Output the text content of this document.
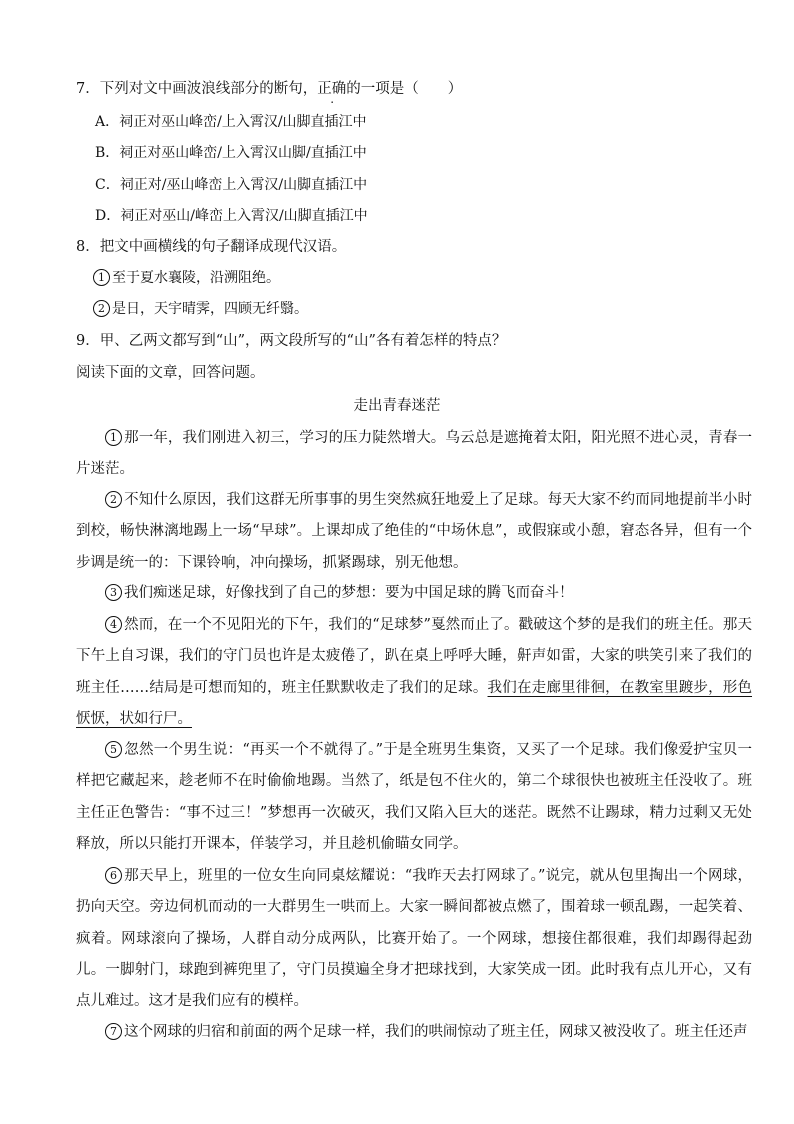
7．下列对文中画波浪线部分的断句，正确的一项是（　　）
A．祠正对巫山峰峦/上入霄汉/山脚直插江中
B．祠正对巫山峰峦/上入霄汉山脚/直插江中
C．祠正对/巫山峰峦上入霄汉/山脚直插江中
D．祠正对巫山/峰峦上入霄汉/山脚直插江中
8．把文中画横线的句子翻译成现代汉语。
1 至于夏水襄陵，沿溯阻绝。
2 是日，天宇晴霁，四顾无纤翳。
9．甲、乙两文都写到“山”，两文段所写的“山”各有着怎样的特点？
阅读下面的文章，回答问题。
走出青春迷茫
1 那一年，我们刚进入初三，学习的压力陡然增大。乌云总是遮掩着太阳，阳光照不进心灵，青春一片迷茫。
2 不知什么原因，我们这群无所事事的男生突然疯狂地爱上了足球。每天大家不约而同地提前半小时到校，畅快淋漓地踢上一场“早球”。上课却成了绝佳的“中场休息”，或假寐或小憩，窘态各异，但有一个步调是统一的：下课铃响，冲向操场，抓紧踢球，别无他想。
3 我们痴迷足球，好像找到了自己的梦想：要为中国足球的腾飞而奋斗！
4 然而，在一个不见阳光的下午，我们的“足球梦”戛然而止了。戳破这个梦的是我们的班主任。那天下午上自习课，我们的守门员也许是太疲倦了，趴在桌上呼呼大睡，鼾声如雷，大家的哄笑引来了我们的班主任……结局是可想而知的，班主任默默收走了我们的足球。我们在走廊里徘徊，在教室里踱步，形色恹恹，状如行尸。
5 忽然一个男生说：“再买一个不就得了。”于是全班男生集资，又买了一个足球。我们像爱护宝贝一样把它藏起来，趁老师不在时偷偷地踢。当然了，纸是包不住火的，第二个球很快也被班主任没收了。班主任正色警告：“事不过三！”梦想再一次破灭，我们又陷入巨大的迷茫。既然不让踢球，精力过剩又无处释放，所以只能打开课本，佯装学习，并且趁机偷瞄女同学。
6 那天早上，班里的一位女生向同桌炫耀说：“我昨天去打网球了。”说完，就从包里掏出一个网球，扔向天空。旁边伺机而动的一大群男生一哄而上。大家一瞬间都被点燃了，围着球一顿乱踢，一起笑着、疯着。网球滚向了操场，人群自动分成两队，比赛开始了。一个网球，想接住都很难，我们却踢得起劲儿。一脚射门，球跑到裤兜里了，守门员摸遍全身才把球找到，大家笑成一团。此时我有点儿开心，又有点儿难过。这才是我们应有的模样。
7 这个网球的归宿和前面的两个足球一样，我们的哄闹惊动了班主任，网球又被没收了。班主任还声
